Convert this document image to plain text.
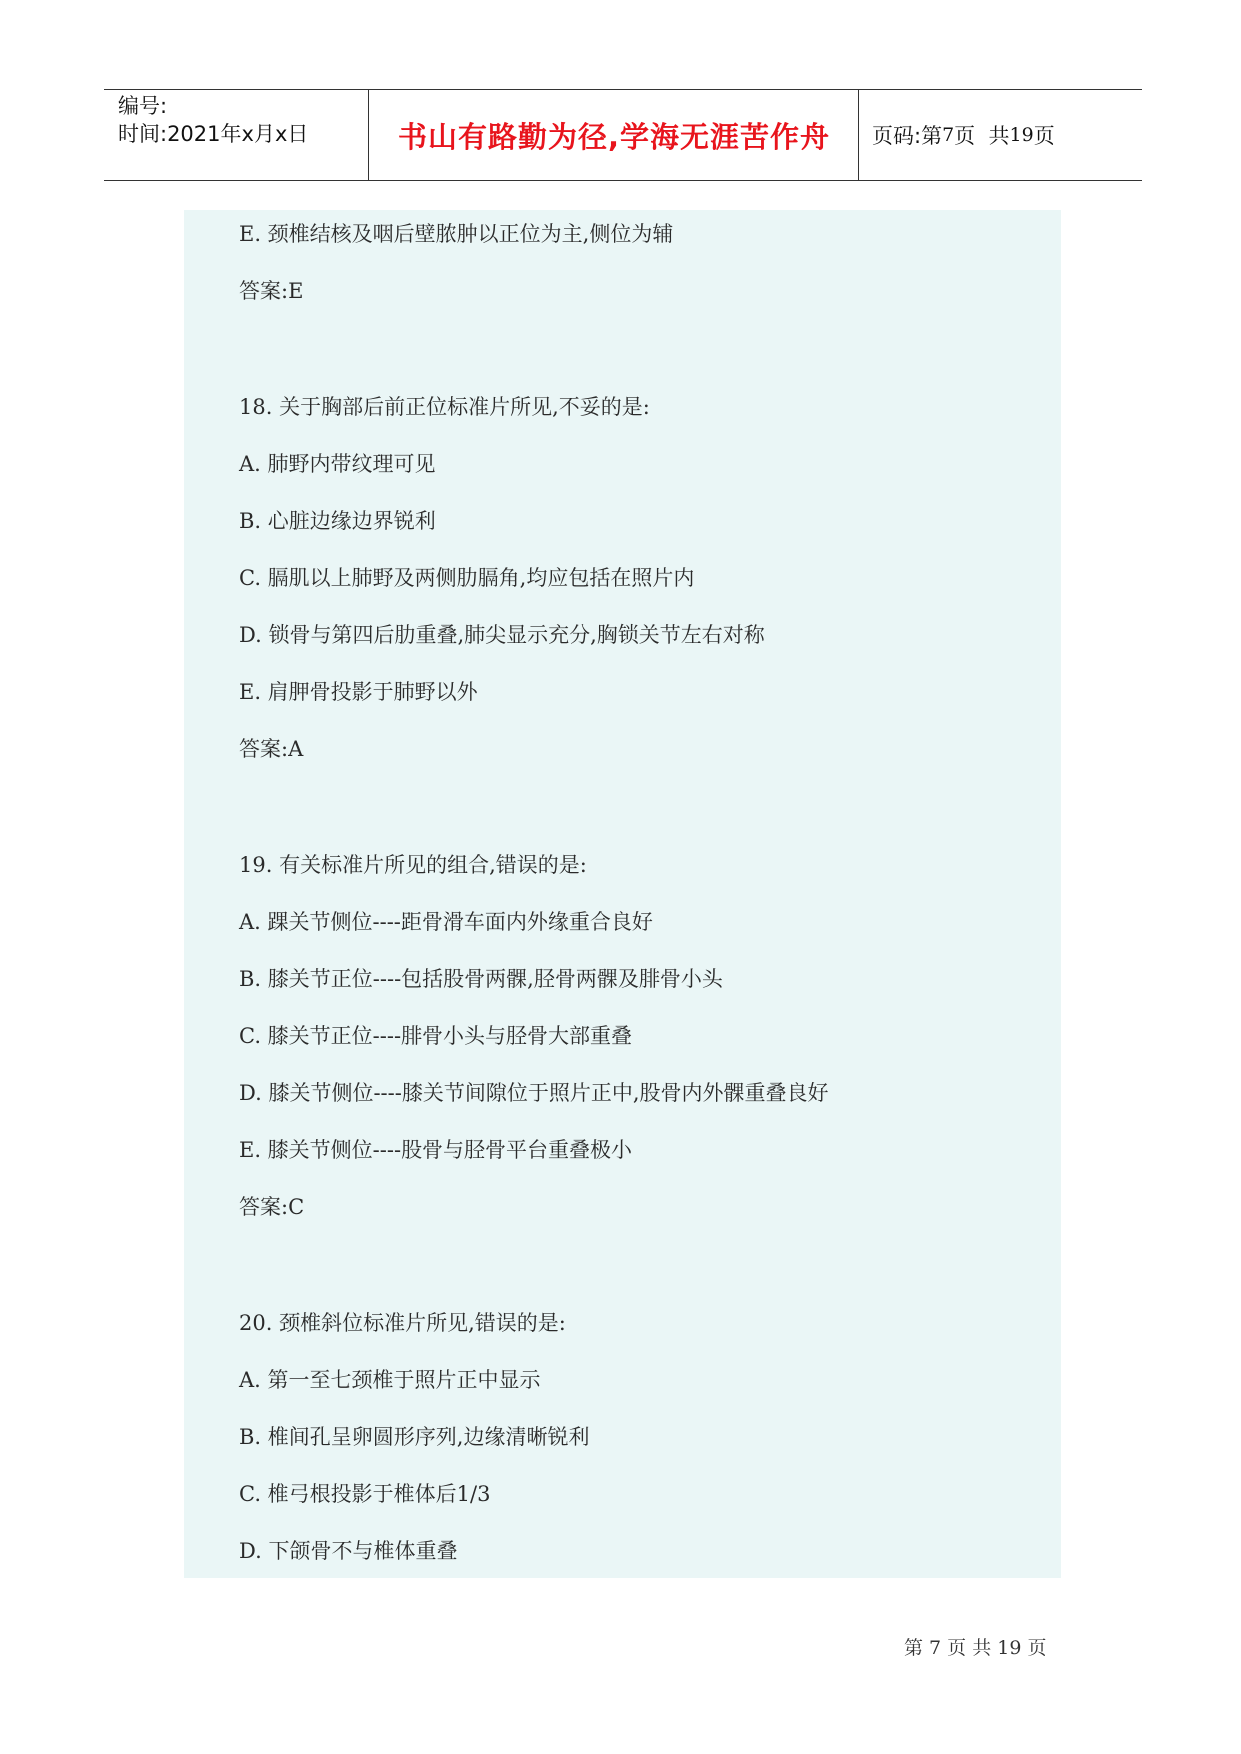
编号:
时间:2021年x月x日	书山有路勤为径,学海无涯苦作舟	页码:第 7 页  共 19 页
E. 颈椎结核及咽后壁脓肿以正位为主,侧位为辅
答案:E
18. 关于胸部后前正位标准片所见,不妥的是:
A. 肺野内带纹理可见
B. 心脏边缘边界锐利
C. 膈肌以上肺野及两侧肋膈角,均应包括在照片内
D. 锁骨与第四后肋重叠,肺尖显示充分,胸锁关节左右对称
E. 肩胛骨投影于肺野以外
答案:A
19. 有关标准片所见的组合,错误的是:
A. 踝关节侧位----距骨滑车面内外缘重合良好
B. 膝关节正位----包括股骨两髁,胫骨两髁及腓骨小头
C. 膝关节正位----腓骨小头与胫骨大部重叠
D. 膝关节侧位----膝关节间隙位于照片正中,股骨内外髁重叠良好
E. 膝关节侧位----股骨与胫骨平台重叠极小
答案:C
20. 颈椎斜位标准片所见,错误的是:
A. 第一至七颈椎于照片正中显示
B. 椎间孔呈卵圆形序列,边缘清晰锐利
C. 椎弓根投影于椎体后1/3
D. 下颌骨不与椎体重叠
第 7 页 共 19 页
